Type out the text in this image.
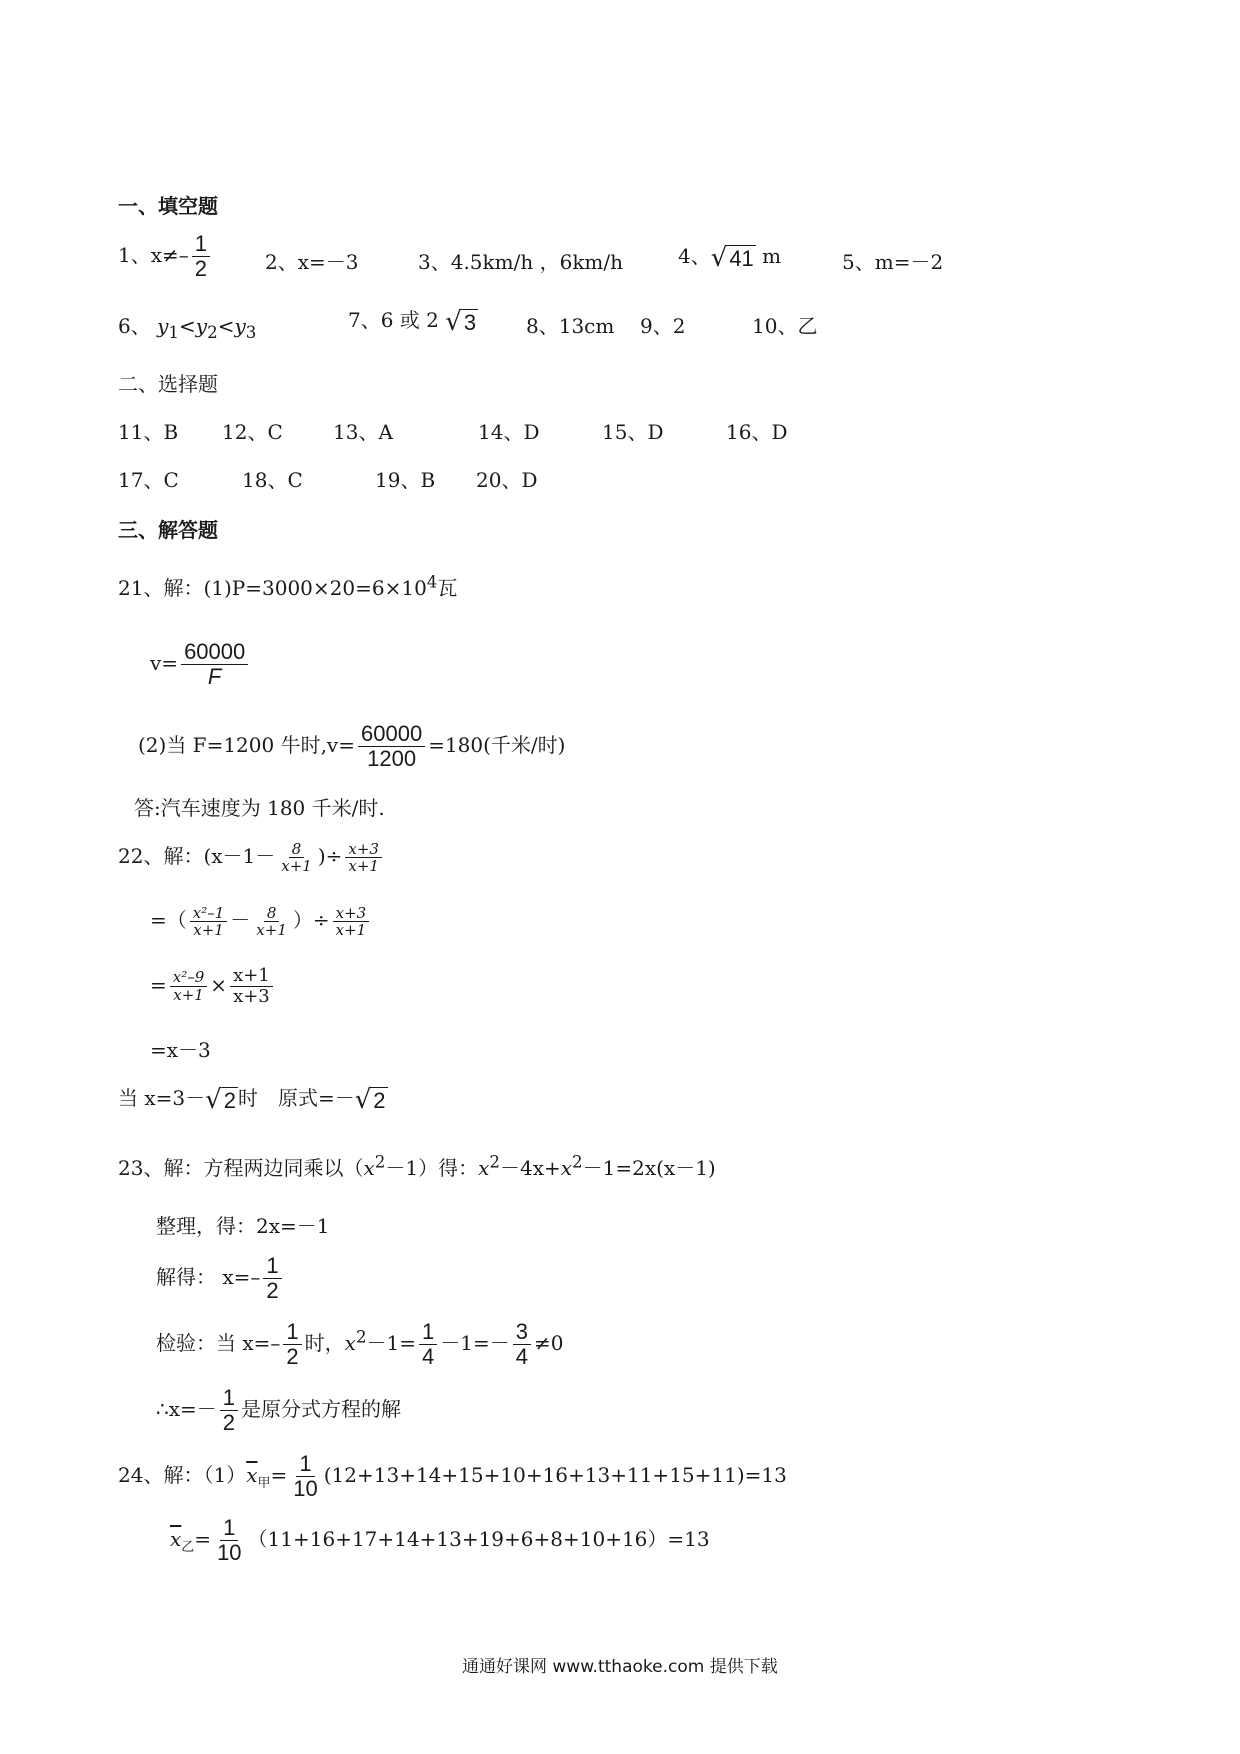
一、填空题
1、$x\ne- \frac{1}{2}$	2、x=－3	3、4.5km/h ，6km/h	4、√41 m	5、m=－2
6、 $y_1<y_2<y_3$
7、6 或 2 √3 8、13cm 9、2	10、乙
二、选择题
11、B 12、C	13、A	14、D	15、D	16、D
17、C	18、C	19、B 20、D
三、解答题
21、解：$(1)P=3000\times 20=6\times 10^4$瓦
$v= \frac{60000}{F}$
(2)当 F=1200 牛时$,v= \frac{60000}{1200} =180$(千米/时)
答:汽车速度为 180 千米/时.
22、解：($x-1- \frac{8}{x+1}$ )÷ $\frac{x+3}{x+1}$
=（ $\frac{\text{x²–1}}{x+1} - \frac{8}{x+1}$ ）÷ $\frac{x+3}{x+1}$
= $\frac{\text{x²–9}}{x+1} \times \frac{x+1}{x+3}$
=x－3
当 x=3－√2 时　原式=－√2
23、解：方程两边同乘以$(x^2-1)$得：$x^2-4x+x^2-1=2x(x-1)$
整理，得：2x=－1
解得： $x=- \frac{1}{2}$
检验：当 $x=- \frac{1}{2}$ 时，$x^2-1= \frac{1}{4} -1=- \frac{3}{4} \ne 0$
∴x=－ $\frac{1}{2}$ 是原分式方程的解
24、解：$(1)\overline{x}_甲= \frac{1}{10} (12+13+14+15+10+16+13+11+15+11)=13$
$\overline{x}_乙= \frac{1}{10} (11+16+17+14+13+19+6+8+10+16)=13$
通通好课网 www.tthaoke.com 提供下载
